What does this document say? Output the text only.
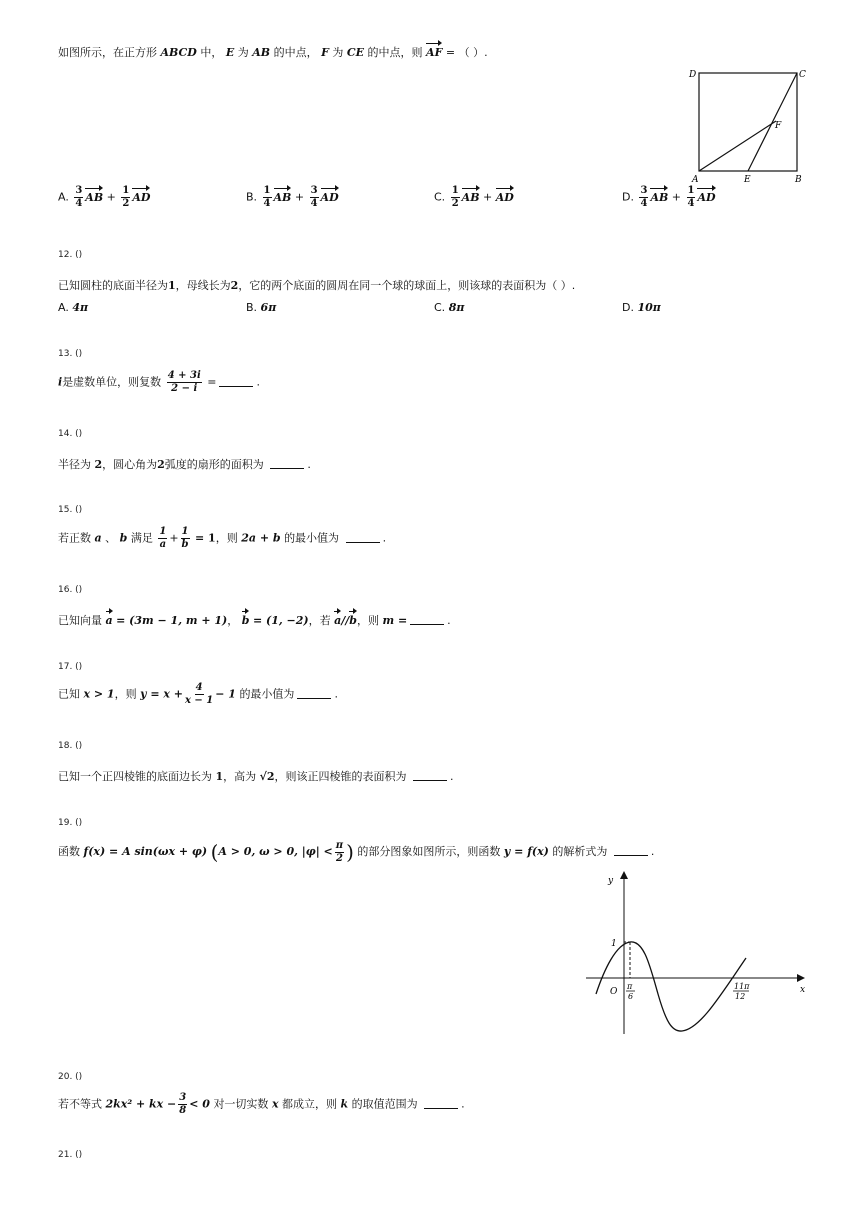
如图所示，在正方形 ABCD 中， E 为 AB 的中点， F 为 CE 的中点，则 AF = （ ）.
D	C
F
A	E	B
A. $\frac{3}{4}$ AB + $\frac{1}{2}$ AD	B. $\frac{1}{4}$ AB + $\frac{3}{4}$ AD	C. $\frac{1}{2}$ AB + AD	D. $\frac{3}{4}$ AB + $\frac{1}{4}$ AD
12. ()
已知圆柱的底面半径为1，母线长为2，它的两个底面的圆周在同一个球的球面上，则该球的表面积为（ ）.
A. 4π	B. 6π	C. 8π	D. 10π
13. ()
i是虚数单位，则复数 $\frac{4 + 3i}{2 - i}$ =	.
14. ()
半径为 2，圆心角为2弧度的扇形的面积为	.
15. ()
若正数 a 、 b 满足 $\frac{1}{a} + \frac{1}{b} = 1$，则 2a + b 的最小值为	.
16. ()
已知向量 a = (3m − 1, m + 1)， b = (1, −2)，若 a//b，则 m =	.
17. ()
已知 x > 1，则 $y = x + \frac{4}{x - 1} - 1$ 的最小值为	.
18. ()
已知一个正四棱锥的底面边长为 1，高为 √2，则该正四棱锥的表面积为	.
19. ()
函数 f(x) = A sin(ωx + φ) (A > 0, ω > 0, $|\varphi| < \frac{\pi}{2}$ ) 的部分图象如图所示，则函数 y = f(x) 的解析式为	.
y
x
O
1
π
6
11π
12
20. ()
若不等式 2kx² + kx − $\frac{3}{8} < 0$ 对一切实数 x 都成立，则 k 的取值范围为	.
21. ()
